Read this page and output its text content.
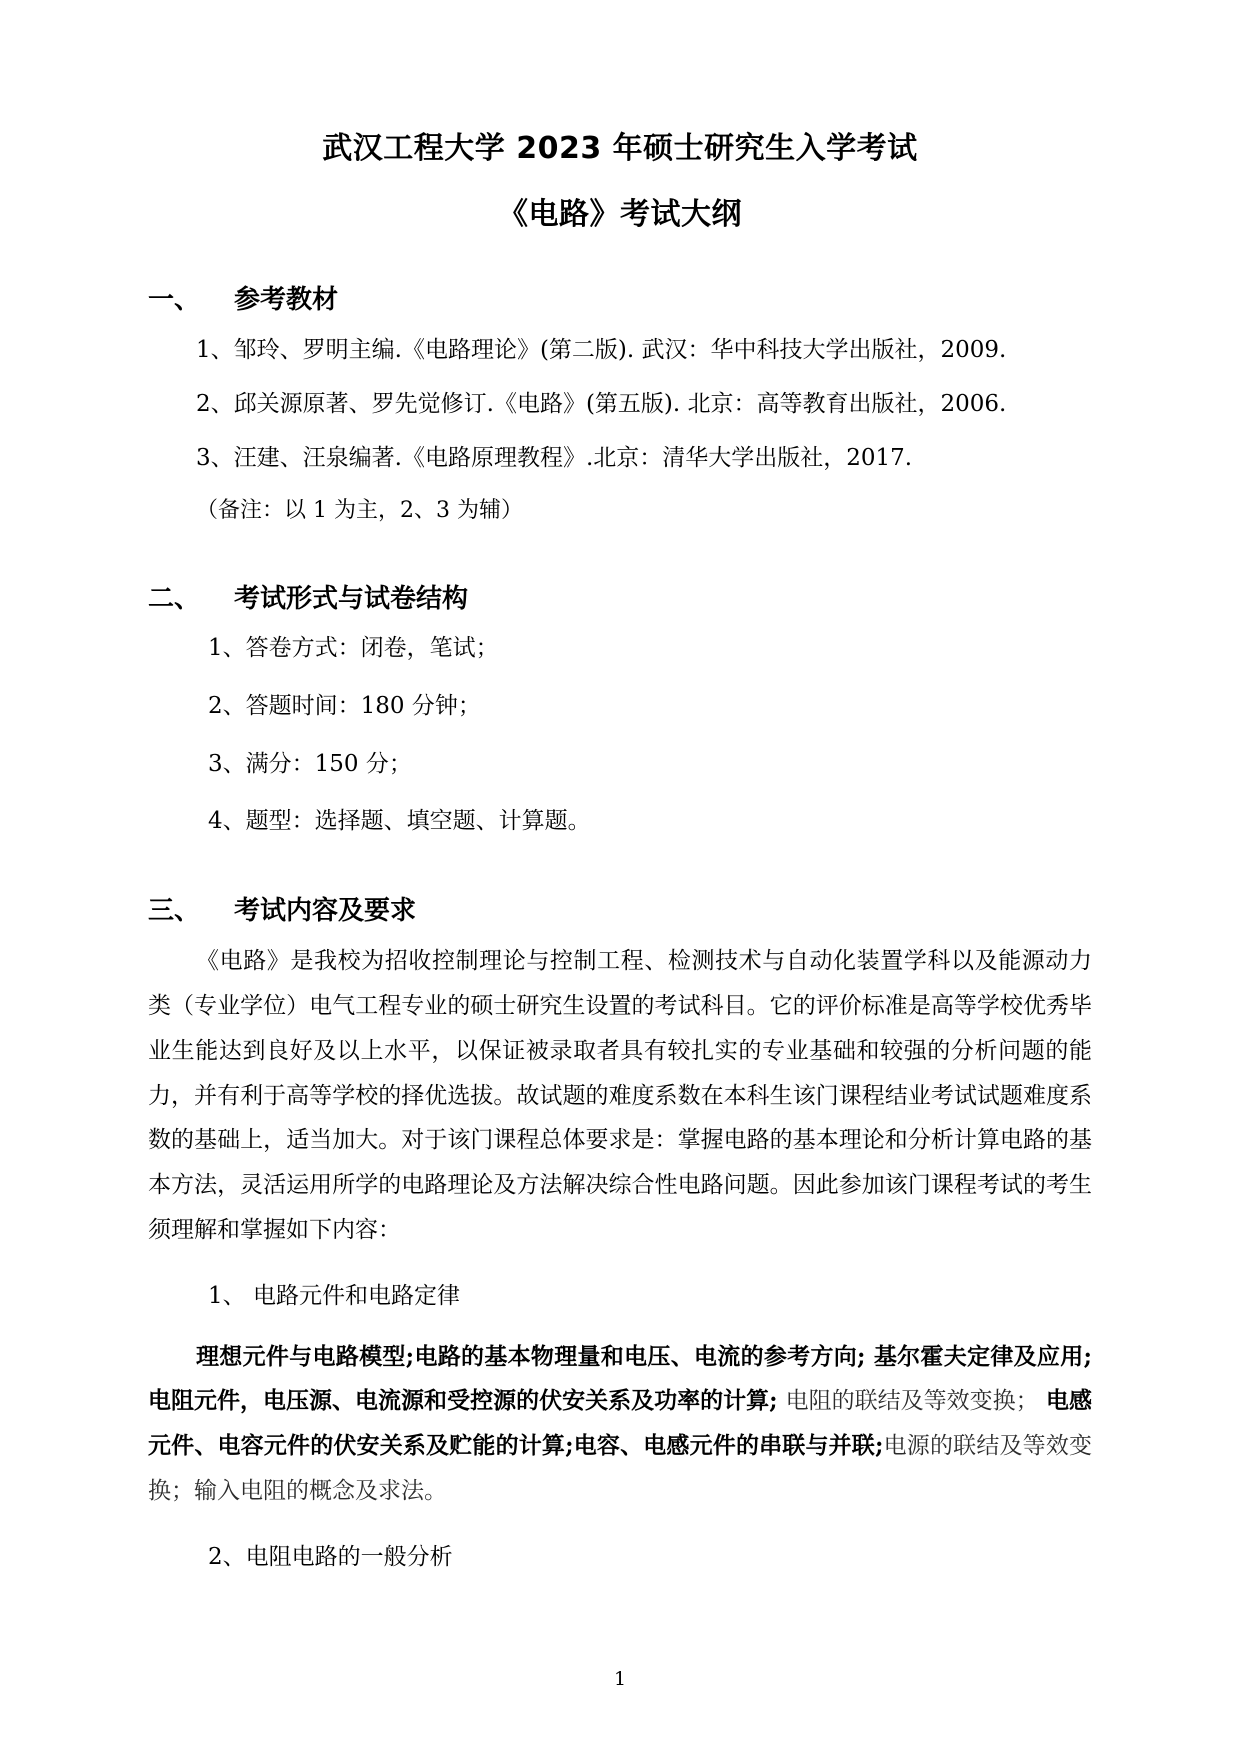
武汉工程大学 2023 年硕士研究生入学考试
《电路》考试大纲
一、 参考教材

1、邹玲、罗明主编.《电路理论》(第二版). 武汉：华中科技大学出版社，2009.

2、邱关源原著、罗先觉修订.《电路》(第五版). 北京：高等教育出版社，2006.

3、汪建、汪泉编著.《电路原理教程》.北京：清华大学出版社，2017.

（备注：以 1 为主，2、3 为辅）

二、 考试形式与试卷结构

1、答卷方式：闭卷，笔试；

2、答题时间：180 分钟；

3、满分：150 分；

4、题型：选择题、填空题、计算题。

三、 考试内容及要求

《电路》是我校为招收控制理论与控制工程、检测技术与自动化装置学科以及能源动力类（专业学位）电气工程专业的硕士研究生设置的考试科目。它的评价标准是高等学校优秀毕业生能达到良好及以上水平，以保证被录取者具有较扎实的专业基础和较强的分析问题的能力，并有利于高等学校的择优选拔。故试题的难度系数在本科生该门课程结业考试试题难度系数的基础上，适当加大。对于该门课程总体要求是：掌握电路的基本理论和分析计算电路的基本方法，灵活运用所学的电路理论及方法解决综合性电路问题。因此参加该门课程考试的考生须理解和掌握如下内容：

1、 电路元件和电路定律

理想元件与电路模型;电路的基本物理量和电压、电流的参考方向; 基尔霍夫定律及应用;电阻元件，电压源、电流源和受控源的伏安关系及功率的计算; 电阻的联结及等效变换； 电感元件、电容元件的伏安关系及贮能的计算;电容、电感元件的串联与并联;电源的联结及等效变换；输入电阻的概念及求法。

2、电阻电路的一般分析

1
